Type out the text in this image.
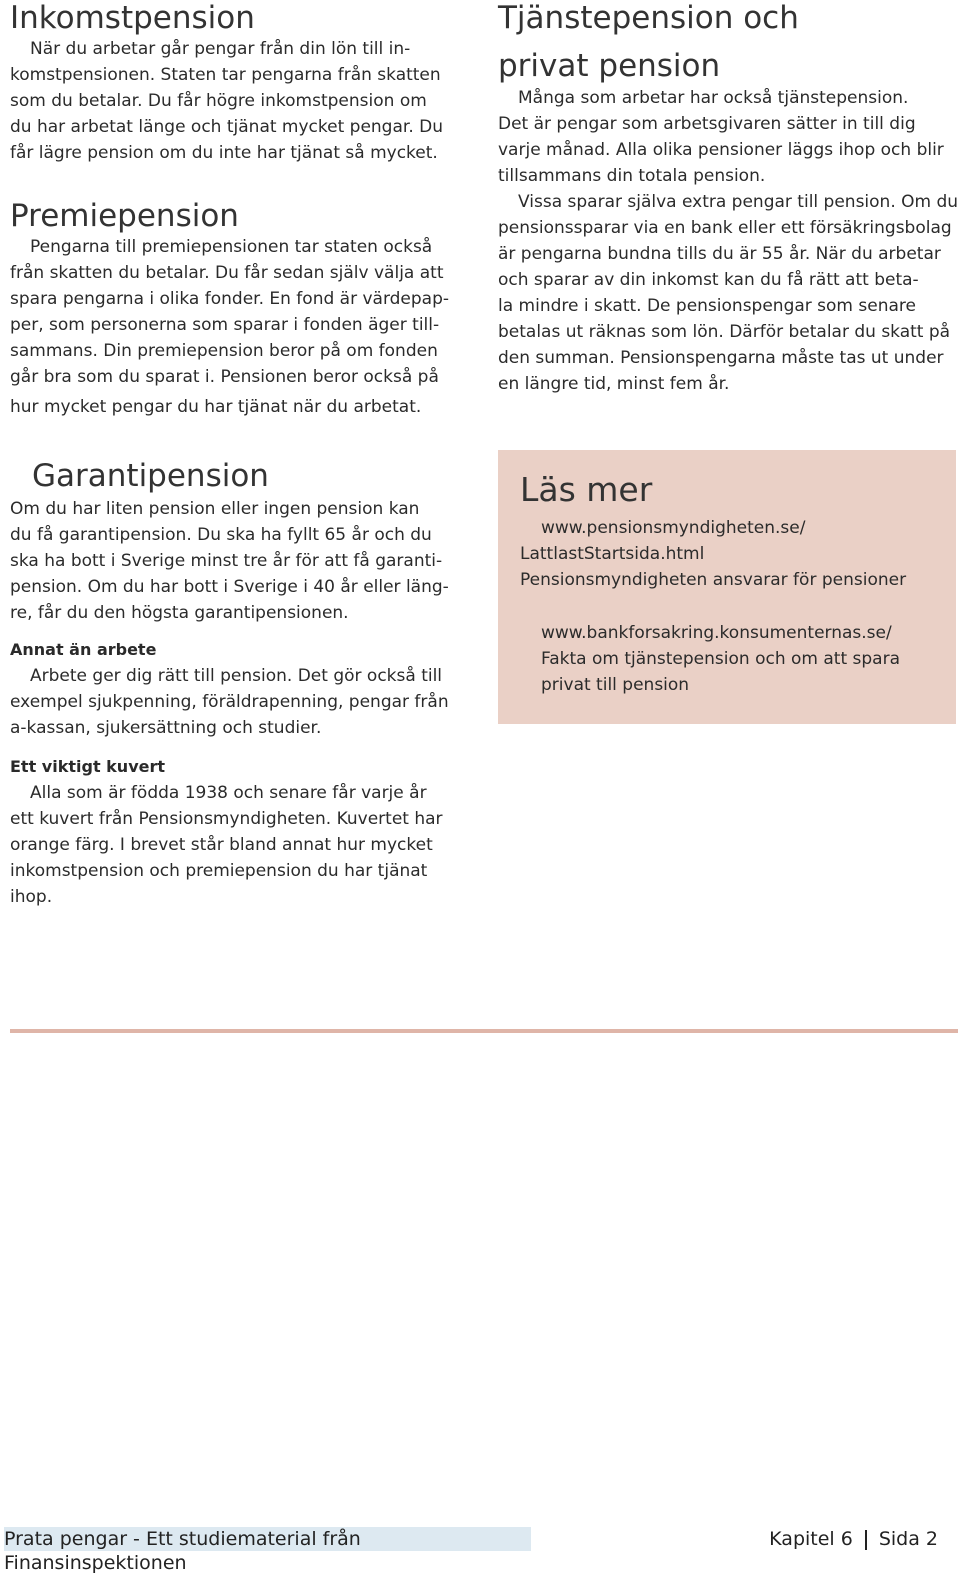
Inkomstpension

När du arbetar går pengar från din lön till in-

komstpensionen. Staten tar pengarna från skatten

som du betalar. Du får högre inkomstpension om

du har arbetat länge och tjänat mycket pengar. Du

får lägre pension om du inte har tjänat så mycket.

Premiepension

Pengarna till premiepensionen tar staten också

från skatten du betalar. Du får sedan själv välja att

spara pengarna i olika fonder. En fond är värdepap-

per, som personerna som sparar i fonden äger till-

sammans. Din premiepension beror på om fonden

går bra som du sparat i. Pensionen beror också på

hur mycket pengar du har tjänat när du arbetat.

Garantipension

Om du har liten pension eller ingen pension kan

du få garantipension. Du ska ha fyllt 65 år och du

ska ha bott i Sverige minst tre år för att få garanti-

pension. Om du har bott i Sverige i 40 år eller läng-

re, får du den högsta garantipensionen.

Annat än arbete

Arbete ger dig rätt till pension. Det gör också till

exempel sjukpenning, föräldrapenning, pengar från

a-kassan, sjukersättning och studier.

Ett viktigt kuvert

Alla som är födda 1938 och senare får varje år

ett kuvert från Pensionsmyndigheten. Kuvertet har

orange färg. I brevet står bland annat hur mycket

inkomstpension och premiepension du har tjänat

ihop.

Tjänstepension och
privat pension

Många som arbetar har också tjänstepension.

Det är pengar som arbetsgivaren sätter in till dig

varje månad. Alla olika pensioner läggs ihop och blir

tillsammans din totala pension.

Vissa sparar själva extra pengar till pension. Om du

pensionssparar via en bank eller ett försäkringsbolag

är pengarna bundna tills du är 55 år. När du arbetar

och sparar av din inkomst kan du få rätt att beta-

la mindre i skatt. De pensionspengar som senare

betalas ut räknas som lön. Därför betalar du skatt på

den summan. Pensionspengarna måste tas ut under

en längre tid, minst fem år.

Läs mer
www.pensionsmyndigheten.se/
LattlastStartsida.html
Pensionsmyndigheten ansvarar för pensioner
www.bankforsakring.konsumenternas.se/
Fakta om tjänstepension och om att spara
privat till pension
Prata pengar - Ett studiematerial från Finansinspektionen
Kapitel 6 Sida 2
